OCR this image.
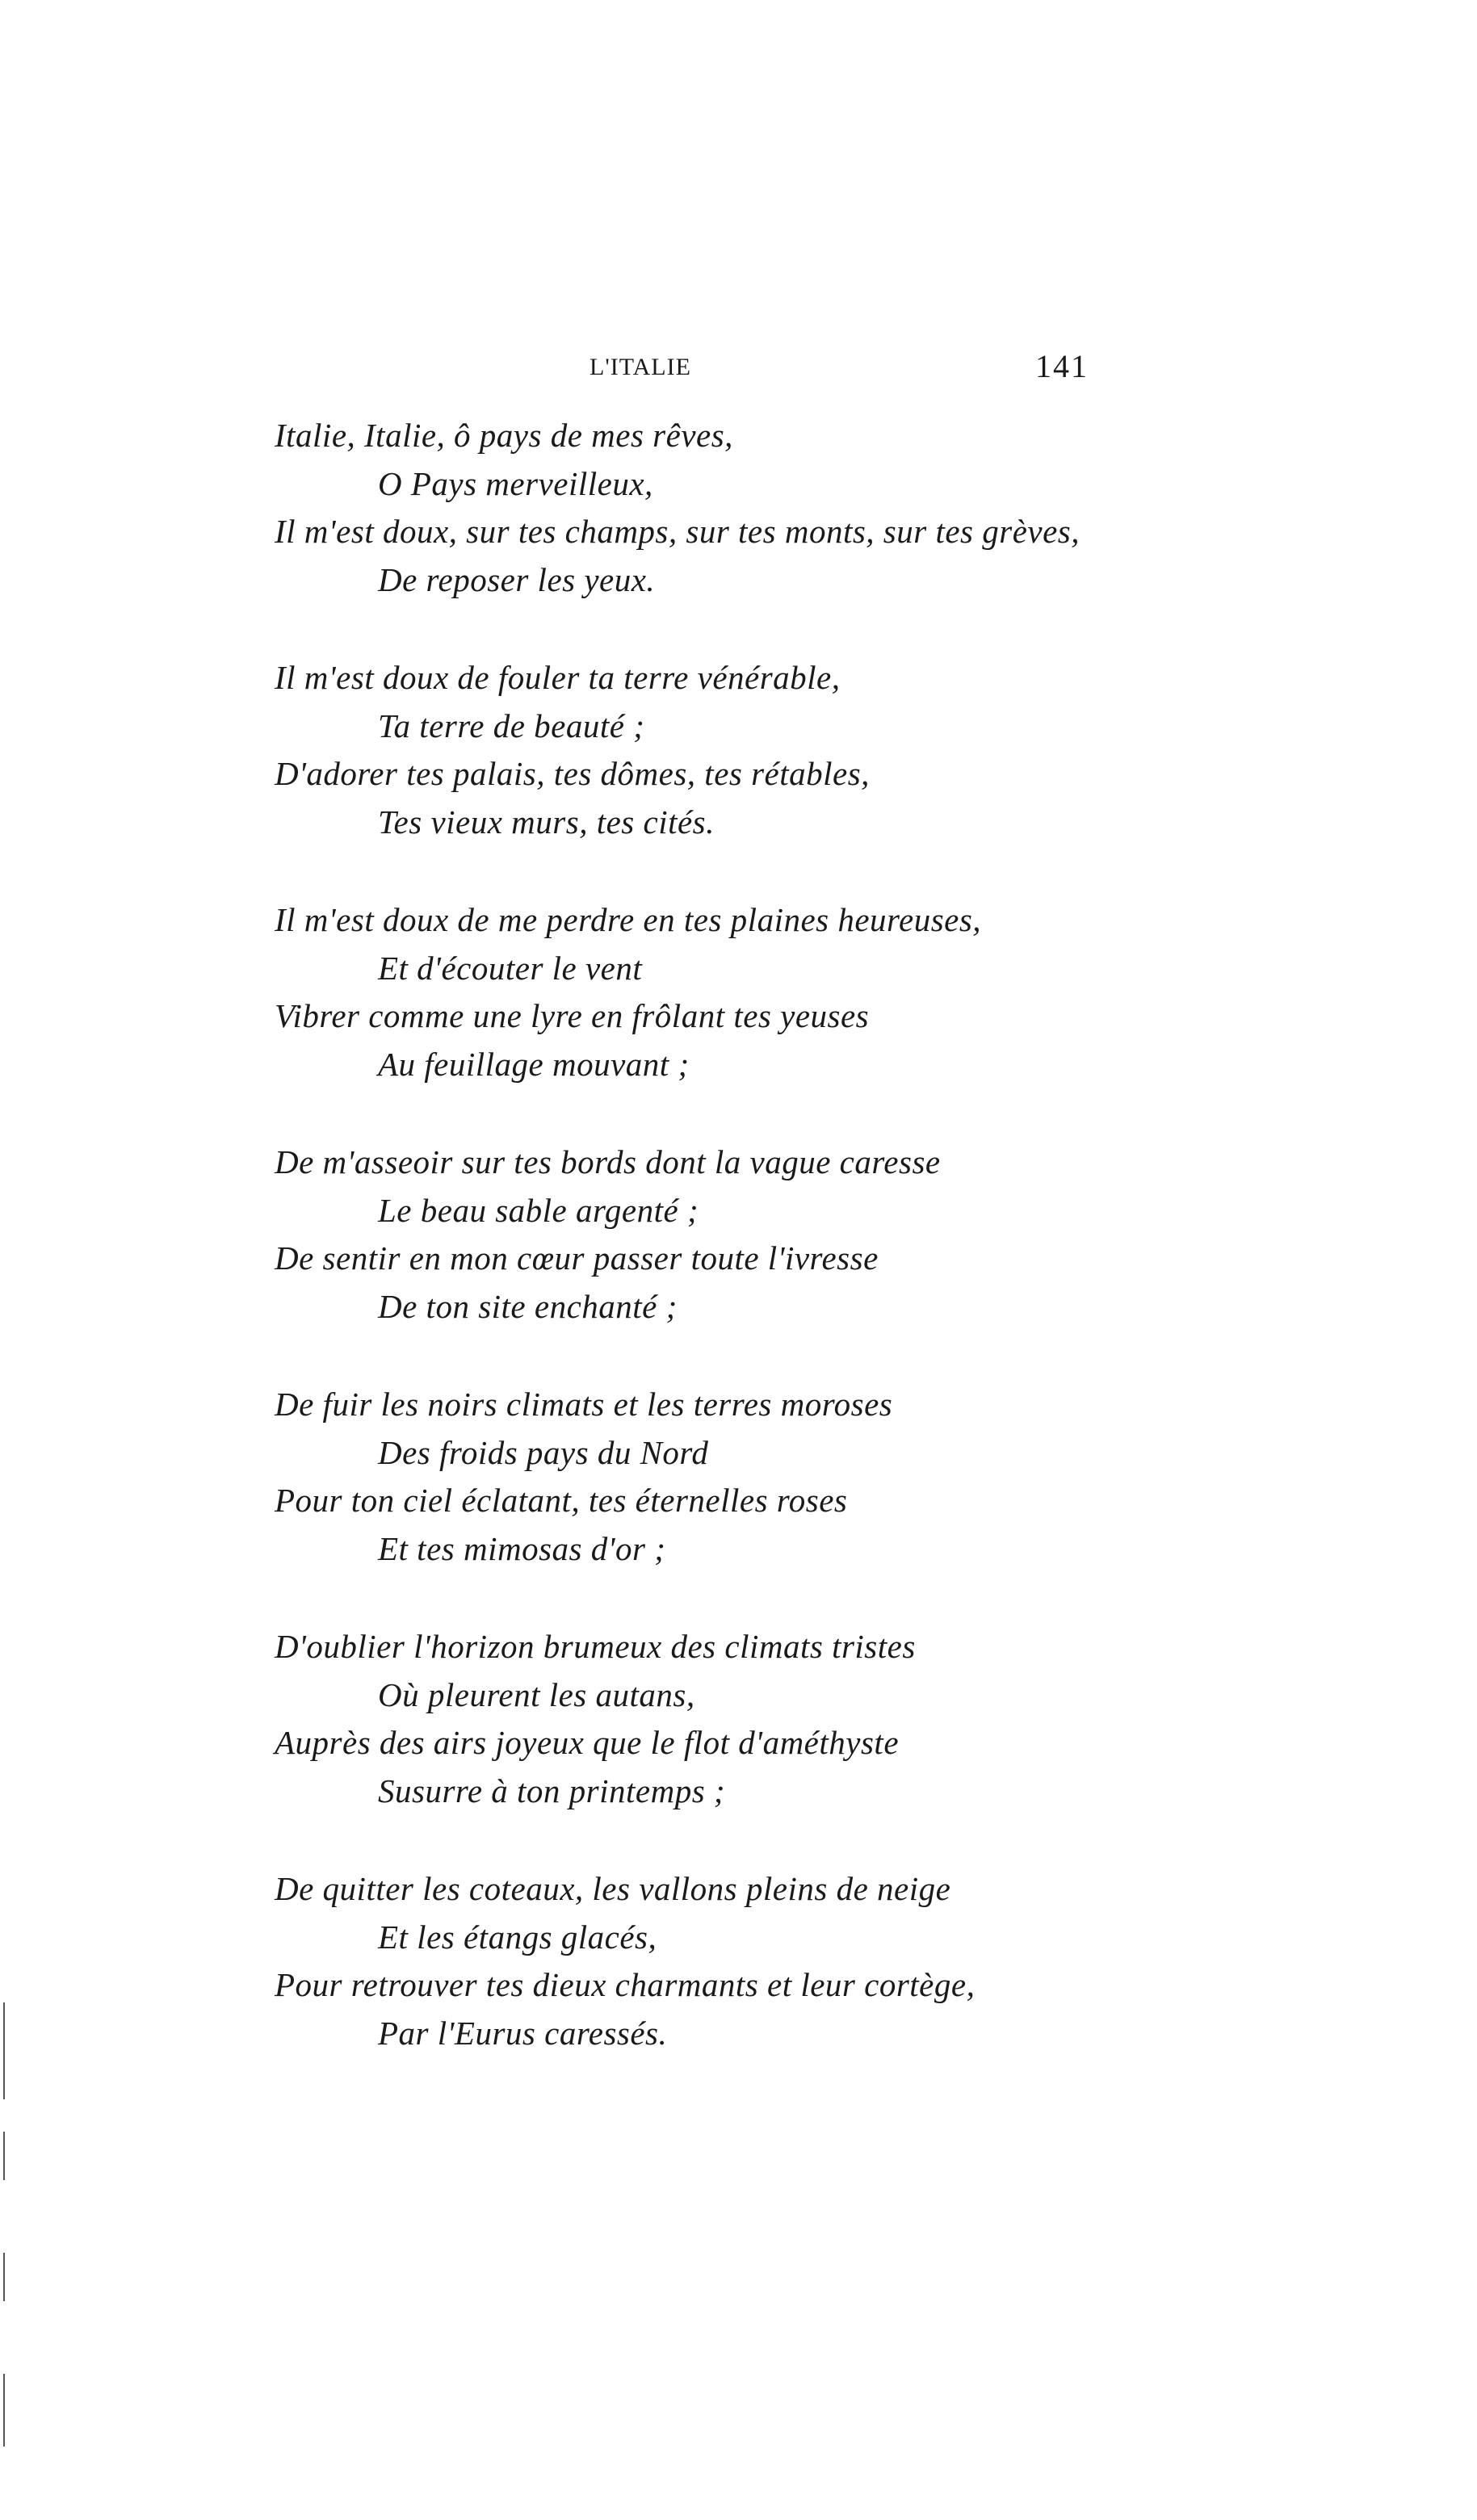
L'ITALIE	141
Italie, Italie, ô pays de mes rêves,
O Pays merveilleux,
Il m'est doux, sur tes champs, sur tes monts, sur tes grèves,
De reposer les yeux.
Il m'est doux de fouler ta terre vénérable,
Ta terre de beauté ;
D'adorer tes palais, tes dômes, tes rétables,
Tes vieux murs, tes cités.
Il m'est doux de me perdre en tes plaines heureuses,
Et d'écouter le vent
Vibrer comme une lyre en frôlant tes yeuses
Au feuillage mouvant ;
De m'asseoir sur tes bords dont la vague caresse
Le beau sable argenté ;
De sentir en mon cœur passer toute l'ivresse
De ton site enchanté ;
De fuir les noirs climats et les terres moroses
Des froids pays du Nord
Pour ton ciel éclatant, tes éternelles roses
Et tes mimosas d'or ;
D'oublier l'horizon brumeux des climats tristes
Où pleurent les autans,
Auprès des airs joyeux que le flot d'améthyste
Susurre à ton printemps ;
De quitter les coteaux, les vallons pleins de neige
Et les étangs glacés,
Pour retrouver tes dieux charmants et leur cortège,
Par l'Eurus caressés.
